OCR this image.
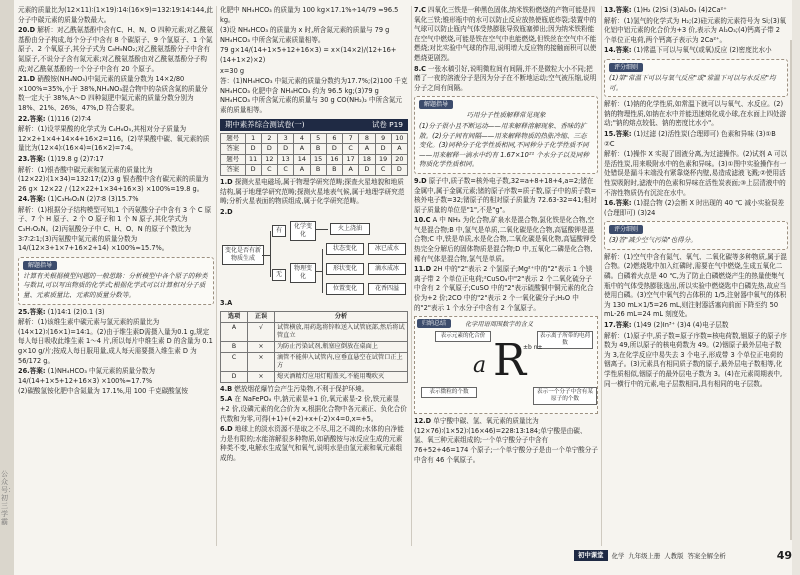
公众号：初三学霸
元素的质量比为(12×11)∶(1×19)∶14∶(16×9)=132∶19∶14∶144,此分子中碳元素的质量分数最大。
20.D 解析：对乙酰氨基酚中含有C、H、N、O 四种元素;对乙酰氨基酚由分子构成,每个分子中含有 8 个碳原子、9 个氢原子、1 个氮原子、2 个氧原子,其分子式为 C₈H₉NO₂;对乙酰氨基酚分子中含有氮原子,不说分子含有氮元素;对乙酰氨基酚由对乙酰氨基酚分子构成;对乙酰氨基酚的一个分子中含有 20 个原子。
21.D 硝酸铵(NH₄NO₃)中氮元素的质量分数为 14×2/80 ×100%=35%,小于 38%,NH₄NO₃混合物中的杂质含氮的质量分数一定大于 38%,A～D 四种氮肥中氮元素的质量分数分别为 18%、21%、26%、47%,D 符合要求。
22.答案: (1)116 (2)7∶4
解析：(1)设苹果酸的化学式为 C₄H₆O₅,其相对分子质量为 12×2+1×4+14×4+16×2=116。(2)苹果酸中碳、氧元素的质量比为(12×4)∶(16×4)=(16×2)=7∶4。
23.答案: (1)19.8 g (2)7∶17
解析：(1)银杏酸中碳元素和氢元素的质量比为(12×22)∶(1×34)=132∶17;(2)3 g 银杏酸中含有碳元素的质量为 26 g× 12×22 / (12×22+1×34+16×3) ×100%=19.8 g。
24.答案: (1)C₃H₆O₂N (2)7∶8 (3)15.7%
解析：(1)根据分子结构模型可知,1 个丙氨酸分子中含有 3 个 C 原子、7 个 H 原子、2 个 O 原子和 1 个 N 原子,其化学式为 C₃H₇O₂N。(2)丙氨酸分子中 C、H、O、N 的原子个数比为 3∶7∶2∶1;(3)丙氨酸中氮元素的质量分数为 14/(12×3+1×7+16×2+14) ×100%≈15.7%。
解题指导
计算有关根据模型问题的一般思路：分析模型中各个原子的种类与数目,可以写出物质的化学式;根据化学式可以计算相对分子质量、元素质量比、元素的质量分数等。
25.答案: (1)14∶1 (2)0.1 (3)
解析：(1)该维生素中碳元素与氢元素的质量比为(14×12)∶(16×1)=14∶1。(2)由于维生素D需摄入量为0.1 g,规定每人每日吸收此维生素 1～4 片,所以每片中维生素 D 的含量为 0.1 g×10 g/片;按成人每日服用量,成人每天需要摄入维生素 D 为 56/172 g。
26.答案: (1)NH₄HCO₃ 中氮元素的质量分数为 14/(14+1×5+12+16×3) ×100%≈17.7%
(2)碳酸氢铵化肥中含氮量为 17.1%,用 100 千克碳酸氢铵
化肥中 NH₄HCO₃ 的质量为 100 kg×17.1%÷14/79 ≈96.5 kg。
(3)设 NH₄HCO₃ 的质量为 x 时,所含氮元素的质量与 79 g NH₄HCO₃ 中所含氮元素质量相等。
79 g×14/(14+1×5+12+16×3) = x×(14×2)/(12+16+(14+1×2)×2)
x=30 g
答：(1)NH₄HCO₃ 中氮元素的质量分数约为17.7%;(2)100 千克 NH₄HCO₃ 化肥中含 NH₄HCO₃ 约为 96.5 kg;(3)79 g NH₄HCO₃ 中所含氮元素的质量与 30 g CO(NH₂)₂ 中所含氮元素的质量相等。
期中素养综合测试卷(一)	试卷 P19
题号	1	2	3	4	5	6	7	8	9	10
答案	D	D	D	A	B	D	C	A	D	A
题号	11	12	13	14	15	16	17	18	19	20
答案	D	C	C	A	B	B	A	D	C	D
1.D 探测火星电磁场,属于物理学研究范畴;探查火星地貌和地质结构,属于地理学研究范畴;探测火星地表气候,属于地理学研究范畴;分析火星表面的物质组成,属于化学研究范畴。
2.D
变化是否有新物质生成
有
无
化学变化
物理变化
火上浇油
状态变化
形状变化
位置变化
冰已成水
滴水成冰
花香四溢
3.A
选项	正误	分析
A	√	试管横放,用药匙将锌粒送入试管底部,然后将试管直立
B	×	为防止污染试剂,瓶塞应倒放在桌面上
C	×	滴管不能伸入试管内,应垂直悬空在试管口正上方
D	×	熄灭酒精灯应用灯帽盖灭,不能用嘴吹灭
4.B 燃放烟花爆竹会产生污染物,不利于保护环境。
5.A 在 NaFePO₄ 中,钠元素显+1 价,氧元素显-2 价,铁元素显+2 价,设磷元素的化合价为 x,根据化合物中各元素正、负化合价代数和为零,可得(+1)+(+2)+x+(-2)×4=0,x=+5。
6.D 地球上的淡水资源不是取之不尽,用之不竭的;水体的自净能力是有限的;水能溶解很多种物质,如硝酸铵与冰反应生成的元素种类不变,电解水生成氢气和氧气,说明水是由氢元素和氧元素组成的。
7.C 四氧化三铁是一种黑色固体,纳米铁粉燃烧的产物可能是四氧化三铁;锥形瓶中的水可以防止反应放热使瓶底炸裂;装置中的气球可以防止瓶内气体受热膨胀导致瓶塞弹出;因为纳米铁粉能在空气中燃烧,可能是铁在空气中也能燃烧,但铁丝在空气中不能燃烧;对比实验中气球的作用,说明增大反应物的接触面积可以使燃烧更剧烈。
8.C 一张水稿引好,说明微粒间有间隔,并不是微粒大小不同;把磨了一夜的溶液分子是因为分子在不断地运动;空气被压缩,说明分子之间有间隔。
解题指导
巧用分子性质解释常见现象
(1)分子很小且不断运动——用来解释溶解现象、香味的扩散。(2)分子间有间隔——用来解释物质的热胀冷缩、三态变化。(3)同种分子化学性质相同,不同种分子化学性质不同——用来解释一滴水中约有 1.67×10²¹ 个水分子以及同种物质化学性质相同。
9.D 原子中,质子数=核外电子数,32=a+8+18+4,a=2;锗在金属中,属于金属元素;锗的原子序数=质子数,原子中的质子数=核外电子数=32;锗原子的相对原子质量为 72.63-32=41;相对原子质量的单位是"1",不是"g"。
10.C A 中 NH₃ 为化合物,矿泉水是混合物,氯化铁是化合物,空气是混合物;B 中,氢气是单质,二氧化碳是化合物,高锰酸钾是混合物;C 中,铁是单质,水是化合物,二氧化碳是氧化物,高锰酸钾受热完全分解后的固体物质是混合物;D 中,五氧化二磷是化合物,稀有气体是混合物,氯气是单质。
11.D 2H 中的"2"表示 2 个氢原子;Mg²⁺中的"2"表示 1 个镁离子带 2 个单位正电荷;²CuSO₄中"2"表示 2 个二氧化硫分子中含有 2 个氧原子;CuSO 中的"2"表示硫酸铜中铜元素的化合价为+2 价;2CO 中的"2"表示 2 个一氧化碳分子;H₂O 中的"2"表示 1 个水分子中含有 2 个氢原子。
归纳总结	化学用语周围数字的含义
表示元素的化合价	表示离子所带的电荷数
表示微粒的个数	表示一个分子中含有某原子的个数
a R
±b n±
12.D 单宁酸中碳、氢、氧元素的质量比为(12×76)∶(1×52)∶(16×46)=228∶13∶184;单宁酸是由碳、氢、氧三种元素组成的;一个单宁酸分子中含有 76+52+46=174 个原子;一个单宁酸分子是由一个单宁酸分子中含有 46 个氧原子。
13.答案: (1)H₂ (2)Si (3)Al₂O₃ (4)2Ca²⁺
解析：(1)氢气的化学式为 H₂;(2)硅元素的元素符号为 Si;(3)氧化铝中铝元素的化合价为+3 价,表示为 Al₂O₃;(4)钙离子带 2 个单位正电荷,两个钙离子表示为 2Ca²⁺。
14.答案: (1)常温下可以与氧气(或氧)反应 (2)密度比水小
评分细则
(1)第"常温下可以与氧气反应"或"常温下可以与水反应"均可。
解析：(1)钠的化学性质,如常温下就可以与氧气、水反应。(2)钠的物理性质,如钠在水中并能迅速熔化成小球,在水面上四处游动;"钠的熔点较低、钠的密度比水小"。
15.答案: (1)过滤 (2)活性炭(合理即可) 色素和异味 (3)①B ②C
解析：(1)操作 X 实现了固液分离,为过滤操作。(2)试剂 A 可以是活性炭,用来吸附水中的色素和异味。(3)①图中实验操作有一处错误是漏斗末端没有紧靠烧杯内壁,易造成滤液飞溅;②使用活性炭吸附时,滤液中的色素和异味在活性炭表面;③上层清液中的不溶性物质仍有沉淀在水中。
16.答案: (1)混合物 (2)会断 X 时出现的 40 ℃ 减小实验误差(合理即可) (3)24
评分细则
(3)答"减少空气污染"也得分。
解析：(1)空气中含有氮气、氧气、二氧化碳等多种物质,属于混合物。(2)燃烧匙中加入红磷时,需要在气中燃烧,生成五氧化二磷。白磷着火点是 40 ℃,为了防止白磷燃烧产生的热量使集气瓶中的气体受热膨胀逸出,所以实验中燃烧匙中白磷先热,故应当使用白磷。(3)空气中氧气约占体积的 1/5,注射器中氧气的体积为 130 mL×1/5=26 mL,则注射器活塞向前面下降至约 50 mL-26 mL=24 mL 刻度处。
17.答案: (1)49 (2)In³⁺ (3)4 (4)电子层数
解析：(1)原子中,质子数=原子序数=核电荷数,铟原子的原子序数为 49,所以原子的核电荷数为 49。(2)铟原子最外层电子数为 3,在化学反应中易失去 3 个电子,形成带 3 个单位正电荷的铟离子。(3)元素具有相同质子数的原子,最外层电子数相等,化学性质相似,铟原子的最外层电子数为 3。(4)在元素周期表中,同一横行中的元素,电子层数相同,具有相同的电子层数。
初中课堂	化学 九年级上册 人教版 答案全解全析	49
